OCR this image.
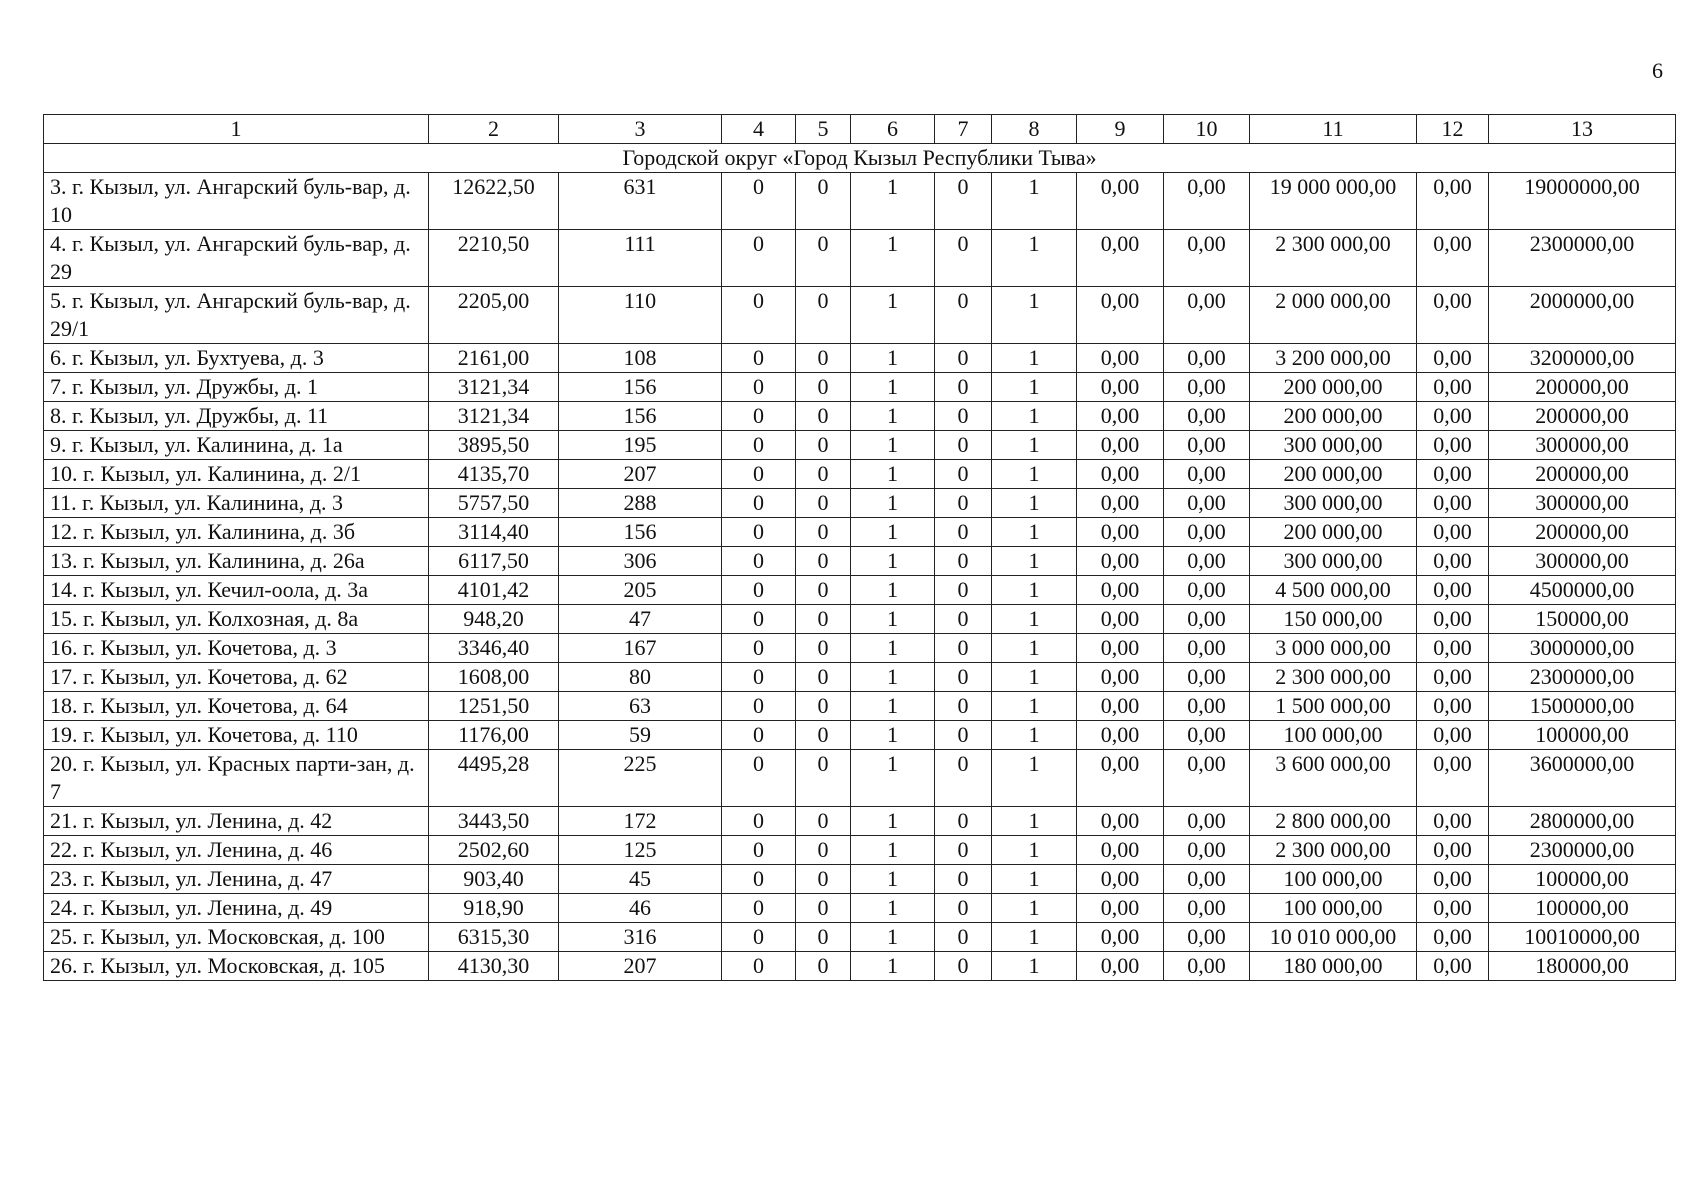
6
1	2	3	4	5	6	7	8	9	10	11	12	13
Городской округ «Город Кызыл Республики Тыва»												
3. г. Кызыл, ул. Ангарский буль-вар, д. 10	12622,50	631	0	0	1	0	1	0,00	0,00	19 000 000,00	0,00	19000000,00
4. г. Кызыл, ул. Ангарский буль-вар, д. 29	2210,50	111	0	0	1	0	1	0,00	0,00	2 300 000,00	0,00	2300000,00
5. г. Кызыл, ул. Ангарский буль-вар, д. 29/1	2205,00	110	0	0	1	0	1	0,00	0,00	2 000 000,00	0,00	2000000,00
6. г. Кызыл, ул. Бухтуева, д. 3	2161,00	108	0	0	1	0	1	0,00	0,00	3 200 000,00	0,00	3200000,00
7. г. Кызыл, ул. Дружбы, д. 1	3121,34	156	0	0	1	0	1	0,00	0,00	200 000,00	0,00	200000,00
8. г. Кызыл, ул. Дружбы, д. 11	3121,34	156	0	0	1	0	1	0,00	0,00	200 000,00	0,00	200000,00
9. г. Кызыл, ул. Калинина, д. 1а	3895,50	195	0	0	1	0	1	0,00	0,00	300 000,00	0,00	300000,00
10. г. Кызыл, ул. Калинина, д. 2/1	4135,70	207	0	0	1	0	1	0,00	0,00	200 000,00	0,00	200000,00
11. г. Кызыл, ул. Калинина, д. 3	5757,50	288	0	0	1	0	1	0,00	0,00	300 000,00	0,00	300000,00
12. г. Кызыл, ул. Калинина, д. 3б	3114,40	156	0	0	1	0	1	0,00	0,00	200 000,00	0,00	200000,00
13. г. Кызыл, ул. Калинина, д. 26а	6117,50	306	0	0	1	0	1	0,00	0,00	300 000,00	0,00	300000,00
14. г. Кызыл, ул. Кечил-оола, д. 3а	4101,42	205	0	0	1	0	1	0,00	0,00	4 500 000,00	0,00	4500000,00
15. г. Кызыл, ул. Колхозная, д. 8а	948,20	47	0	0	1	0	1	0,00	0,00	150 000,00	0,00	150000,00
16. г. Кызыл, ул. Кочетова, д. 3	3346,40	167	0	0	1	0	1	0,00	0,00	3 000 000,00	0,00	3000000,00
17. г. Кызыл, ул. Кочетова, д. 62	1608,00	80	0	0	1	0	1	0,00	0,00	2 300 000,00	0,00	2300000,00
18. г. Кызыл, ул. Кочетова, д. 64	1251,50	63	0	0	1	0	1	0,00	0,00	1 500 000,00	0,00	1500000,00
19. г. Кызыл, ул. Кочетова, д. 110	1176,00	59	0	0	1	0	1	0,00	0,00	100 000,00	0,00	100000,00
20. г. Кызыл, ул. Красных парти-зан, д. 7	4495,28	225	0	0	1	0	1	0,00	0,00	3 600 000,00	0,00	3600000,00
21. г. Кызыл, ул. Ленина, д. 42	3443,50	172	0	0	1	0	1	0,00	0,00	2 800 000,00	0,00	2800000,00
22. г. Кызыл, ул. Ленина, д. 46	2502,60	125	0	0	1	0	1	0,00	0,00	2 300 000,00	0,00	2300000,00
23. г. Кызыл, ул. Ленина, д. 47	903,40	45	0	0	1	0	1	0,00	0,00	100 000,00	0,00	100000,00
24. г. Кызыл, ул. Ленина, д. 49	918,90	46	0	0	1	0	1	0,00	0,00	100 000,00	0,00	100000,00
25. г. Кызыл, ул. Московская, д. 100	6315,30	316	0	0	1	0	1	0,00	0,00	10 010 000,00	0,00	10010000,00
26. г. Кызыл, ул. Московская, д. 105	4130,30	207	0	0	1	0	1	0,00	0,00	180 000,00	0,00	180000,00
